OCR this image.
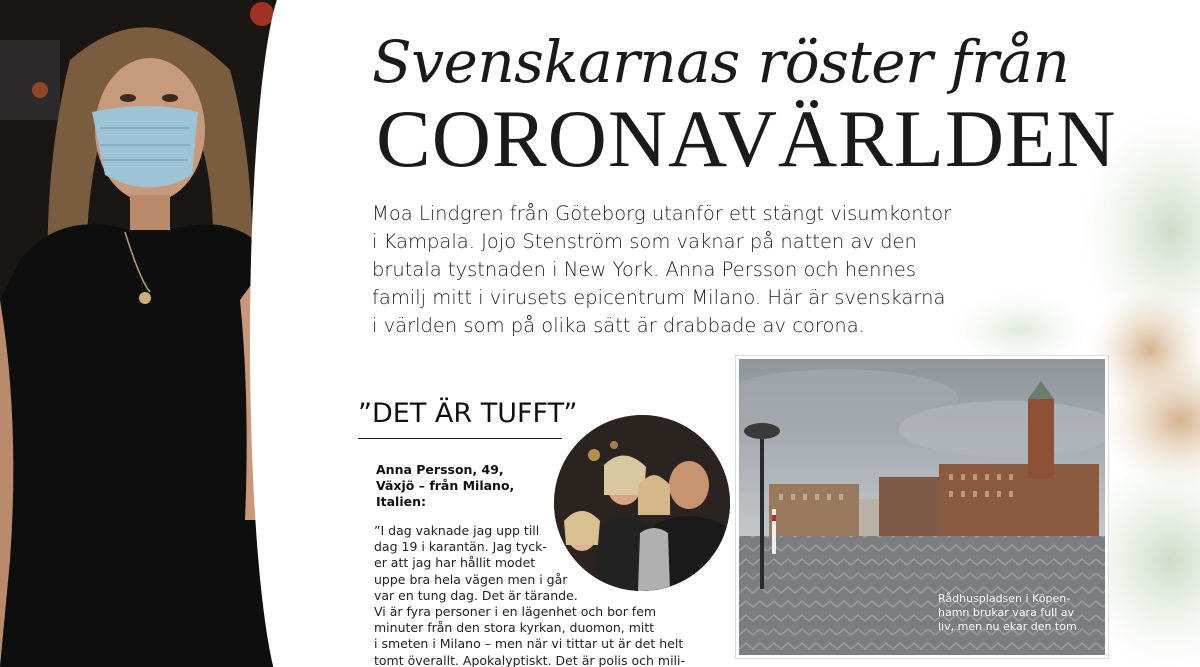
Svenskarnas röster från
CORONAVÄRLDEN
Moa Lindgren från Göteborg utanför ett stängt visumkontor
i Kampala. Jojo Stenström som vaknar på natten av den
brutala tystnaden i New York. Anna Persson och hennes
familj mitt i virusets epicentrum Milano. Här är svenskarna
i världen som på olika sätt är drabbade av corona.
”DET ÄR TUFFT”
Anna Persson, 49,
Växjö – från Milano,
Italien:
”I dag vaknade jag upp till
dag 19 i karantän. Jag tyck-
er att jag har hållit modet
uppe bra hela vägen men i går
var en tung dag. Det är tärande.
Vi är fyra personer i en lägenhet och bor fem
minuter från den stora kyrkan, duomon, mitt
i smeten i Milano – men när vi tittar ut är det helt
tomt överallt. Apokalyptiskt. Det är polis och mili-
Rådhuspladsen i Köpen-
hamn brukar vara full av
liv, men nu ekar den tom.
